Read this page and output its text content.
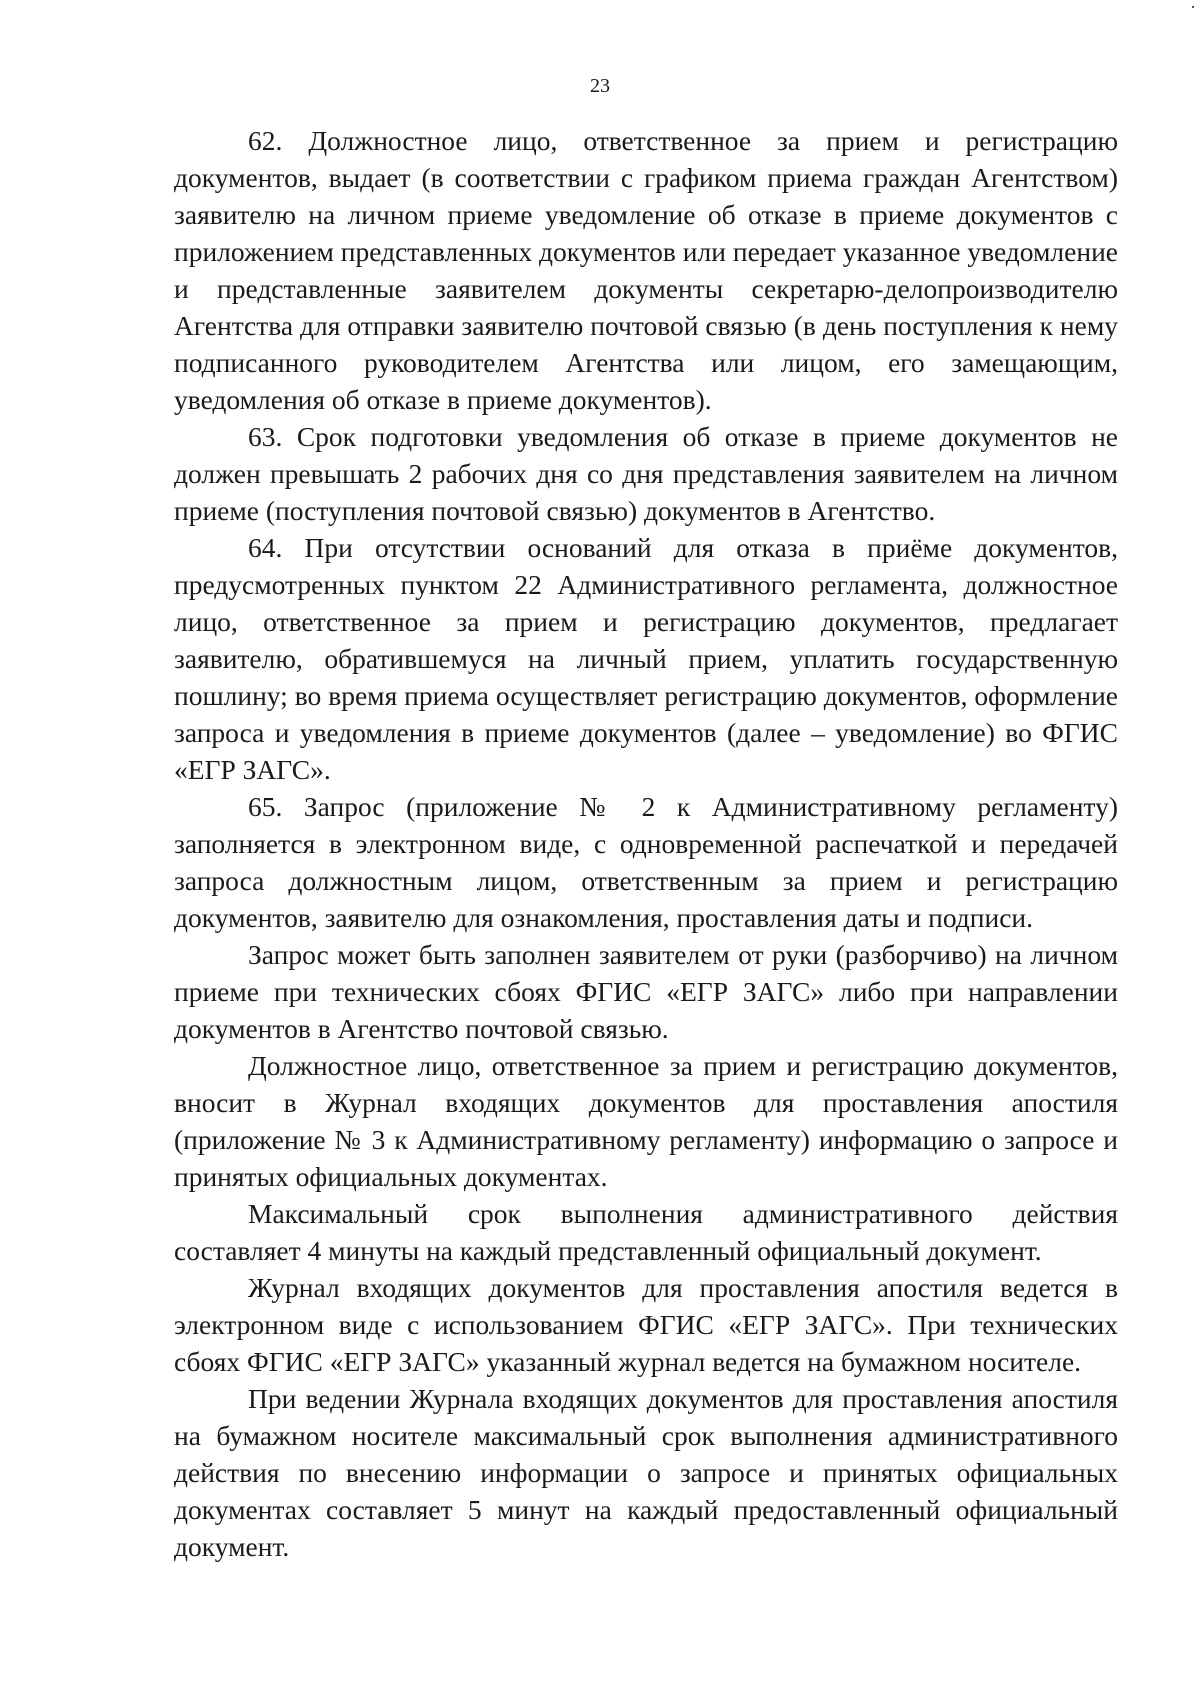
23

62. Должностное лицо, ответственное за прием и регистрацию документов, выдает (в соответствии с графиком приема граждан Агентством) заявителю на личном приеме уведомление об отказе в приеме документов с приложением представленных документов или передает указанное уведомление и представленные заявителем документы секретарю-делопроизводителю Агентства для отправки заявителю почтовой связью (в день поступления к нему подписанного руководителем Агентства или лицом, его замещающим, уведомления об отказе в приеме документов).

63. Срок подготовки уведомления об отказе в приеме документов не должен превышать 2 рабочих дня со дня представления заявителем на личном приеме (поступления почтовой связью) документов в Агентство.

64. При отсутствии оснований для отказа в приёме документов, предусмотренных пунктом 22 Административного регламента, должностное лицо, ответственное за прием и регистрацию документов, предлагает заявителю, обратившемуся на личный прием, уплатить государственную пошлину; во время приема осуществляет регистрацию документов, оформление запроса и уведомления в приеме документов (далее – уведомление) во ФГИС «ЕГР ЗАГС».

65. Запрос (приложение № 2 к Административному регламенту) заполняется в электронном виде, с одновременной распечаткой и передачей запроса должностным лицом, ответственным за прием и регистрацию документов, заявителю для ознакомления, проставления даты и подписи.

Запрос может быть заполнен заявителем от руки (разборчиво) на личном приеме при технических сбоях ФГИС «ЕГР ЗАГС» либо при направлении документов в Агентство почтовой связью.

Должностное лицо, ответственное за прием и регистрацию документов, вносит в Журнал входящих документов для проставления апостиля (приложение № 3 к Административному регламенту) информацию о запросе и принятых официальных документах.

Максимальный срок выполнения административного действия составляет 4 минуты на каждый представленный официальный документ.

Журнал входящих документов для проставления апостиля ведется в электронном виде с использованием ФГИС «ЕГР ЗАГС». При технических сбоях ФГИС «ЕГР ЗАГС» указанный журнал ведется на бумажном носителе.

При ведении Журнала входящих документов для проставления апостиля на бумажном носителе максимальный срок выполнения административного действия по внесению информации о запросе и принятых официальных документах составляет 5 минут на каждый предоставленный официальный документ.
